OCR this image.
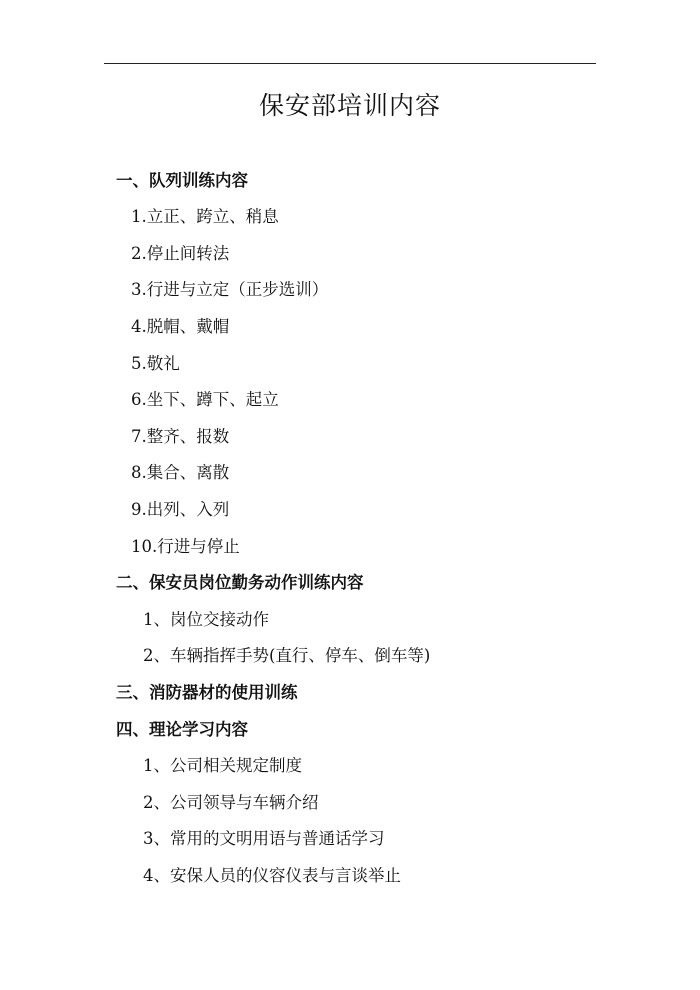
保安部培训内容
一、队列训练内容
1.立正、跨立、稍息
2.停止间转法
3.行进与立定（正步选训）
4.脱帽、戴帽
5.敬礼
6.坐下、蹲下、起立
7.整齐、报数
8.集合、离散
9.出列、入列
10.行进与停止
二、保安员岗位勤务动作训练内容
1、岗位交接动作
2、车辆指挥手势(直行、停车、倒车等)
三、消防器材的使用训练
四、理论学习内容
1、公司相关规定制度
2、公司领导与车辆介绍
3、常用的文明用语与普通话学习
4、安保人员的仪容仪表与言谈举止
